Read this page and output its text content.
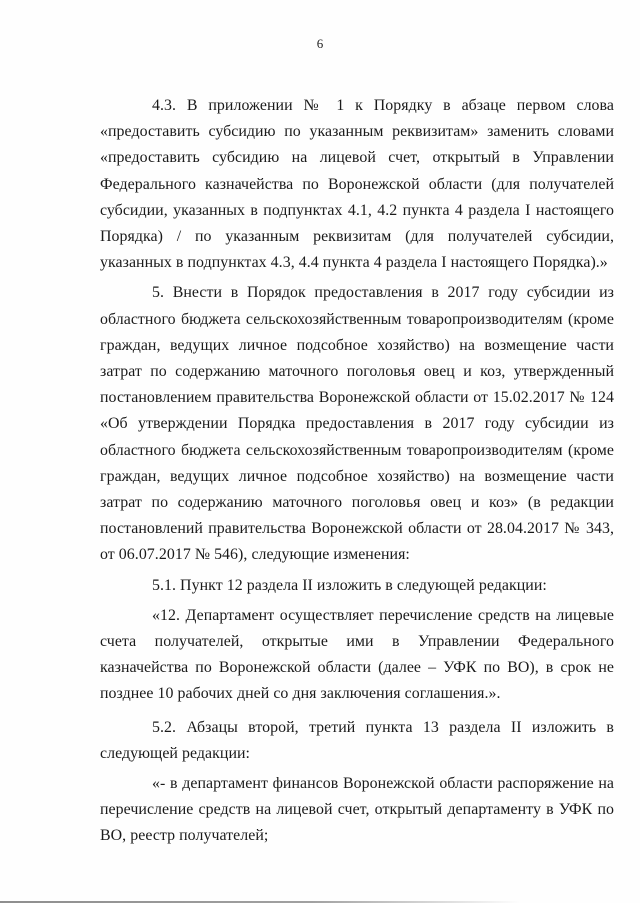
6

4.3. В приложении № 1 к Порядку в абзаце первом слова «предоставить субсидию по указанным реквизитам» заменить словами «предоставить субсидию на лицевой счет, открытый в Управлении Федерального казначейства по Воронежской области (для получателей субсидии, указанных в подпунктах 4.1, 4.2 пункта 4 раздела I настоящего Порядка) / по указанным реквизитам (для получателей субсидии, указанных в подпунктах 4.3, 4.4 пункта 4 раздела I настоящего Порядка).»

5. Внести в Порядок предоставления в 2017 году субсидии из областного бюджета сельскохозяйственным товаропроизводителям (кроме граждан, ведущих личное подсобное хозяйство) на возмещение части затрат по содержанию маточного поголовья овец и коз, утвержденный постановлением правительства Воронежской области от 15.02.2017 № 124 «Об утверждении Порядка предоставления в 2017 году субсидии из областного бюджета сельскохозяйственным товаропроизводителям (кроме граждан, ведущих личное подсобное хозяйство) на возмещение части затрат по содержанию маточного поголовья овец и коз» (в редакции постановлений правительства Воронежской области от 28.04.2017 № 343, от 06.07.2017 № 546), следующие изменения:

5.1. Пункт 12 раздела II изложить в следующей редакции:

«12. Департамент осуществляет перечисление средств на лицевые счета получателей, открытые ими в Управлении Федерального казначейства по Воронежской области (далее – УФК по ВО), в срок не позднее 10 рабочих дней со дня заключения соглашения.».

5.2. Абзацы второй, третий пункта 13 раздела II изложить в следующей редакции:

«- в департамент финансов Воронежской области распоряжение на перечисление средств на лицевой счет, открытый департаменту в УФК по ВО, реестр получателей;
